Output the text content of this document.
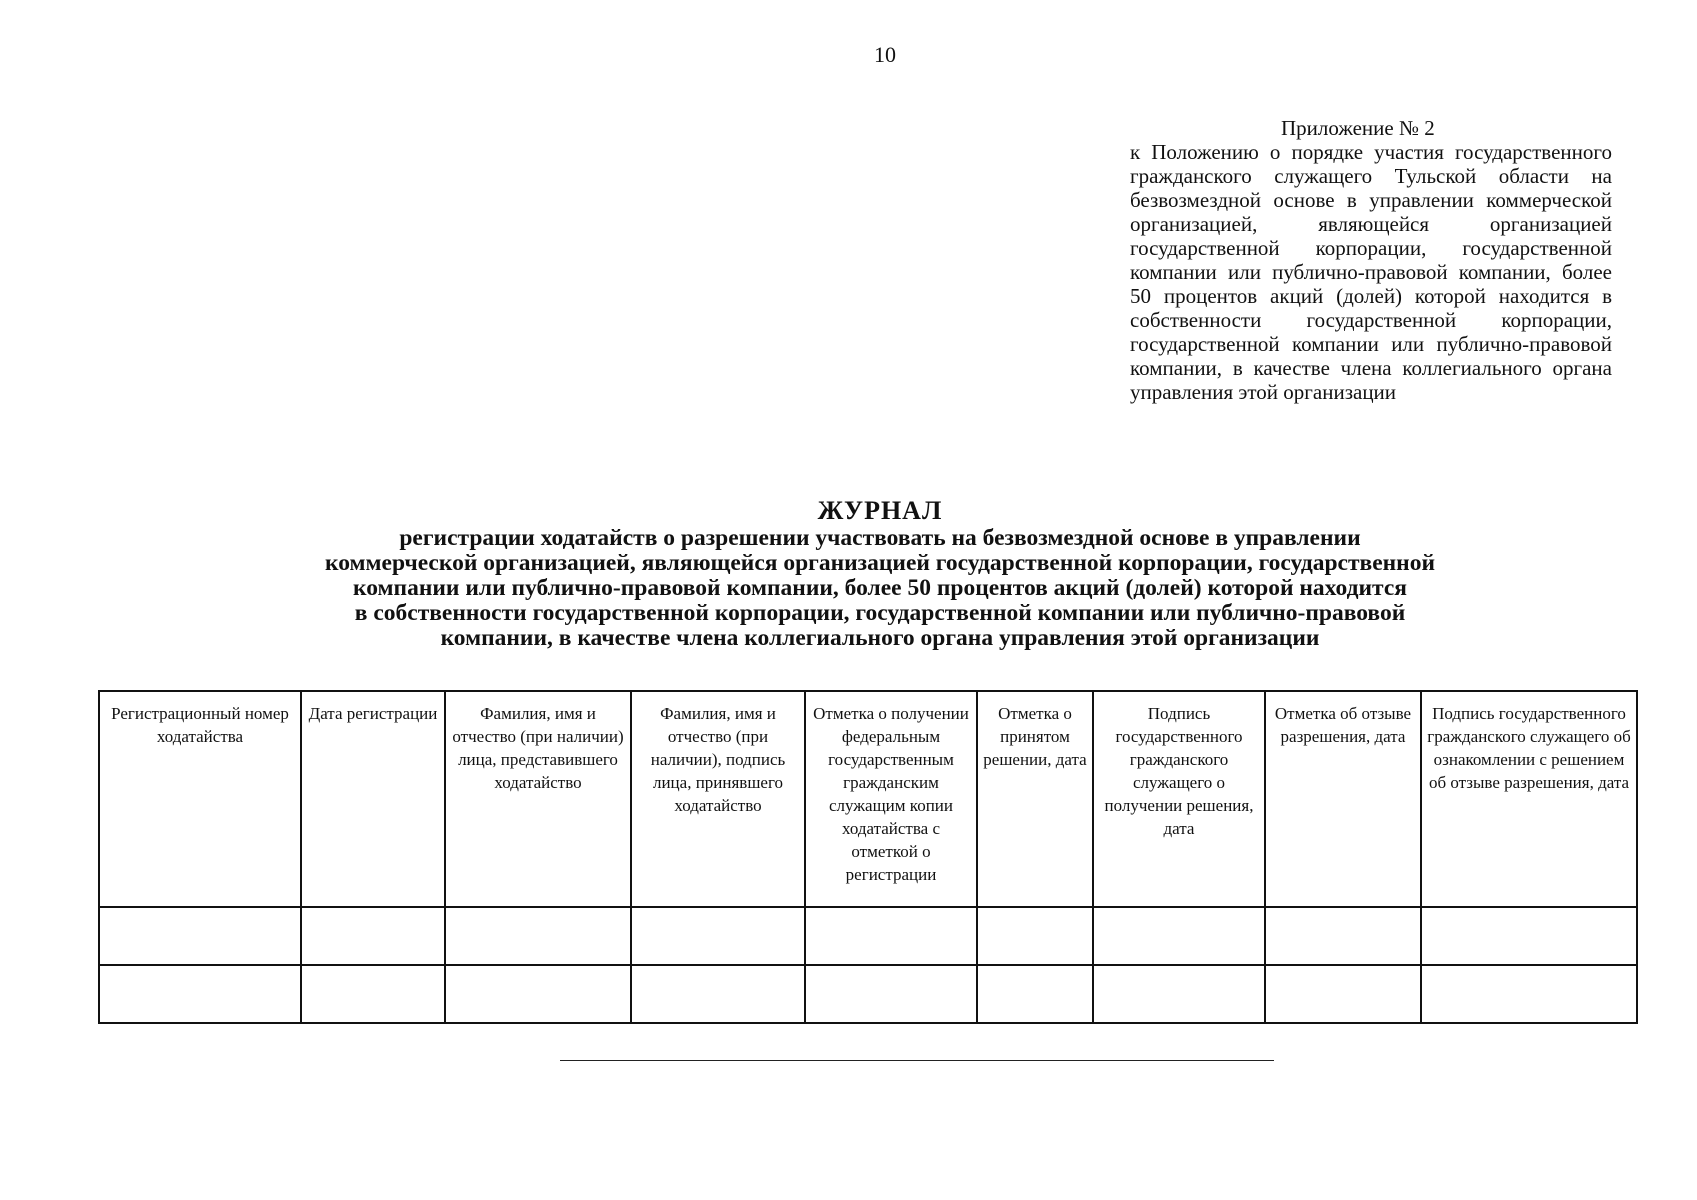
10
Приложение № 2
к Положению о порядке участия государственного гражданского служащего Тульской области на безвозмездной основе в управлении коммерческой организацией, являющейся организацией государственной корпорации, государственной компании или публично-правовой компании, более 50 процентов акций (долей) которой находится в собственности государственной корпорации, государственной компании или публично-правовой компании, в качестве члена коллегиального органа управления этой организации
ЖУРНАЛ
регистрации ходатайств о разрешении участвовать на безвозмездной основе в управлении
коммерческой организацией, являющейся организацией государственной корпорации, государственной
компании или публично-правовой компании, более 50 процентов акций (долей) которой находится
в собственности государственной корпорации, государственной компании или публично-правовой
компании, в качестве члена коллегиального органа управления этой организации
Регистрационный номер ходатайства	Дата регистрации	Фамилия, имя и отчество (при наличии) лица, представившего ходатайство	Фамилия, имя и отчество (при наличии), подпись лица, принявшего ходатайство	Отметка о получении федеральным государственным гражданским служащим копии ходатайства с отметкой о регистрации	Отметка о принятом решении, дата	Подпись государственного гражданского служащего о получении решения, дата	Отметка об отзыве разрешения, дата	Подпись государственного гражданского служащего об ознакомлении с решением об отзыве разрешения, дата
